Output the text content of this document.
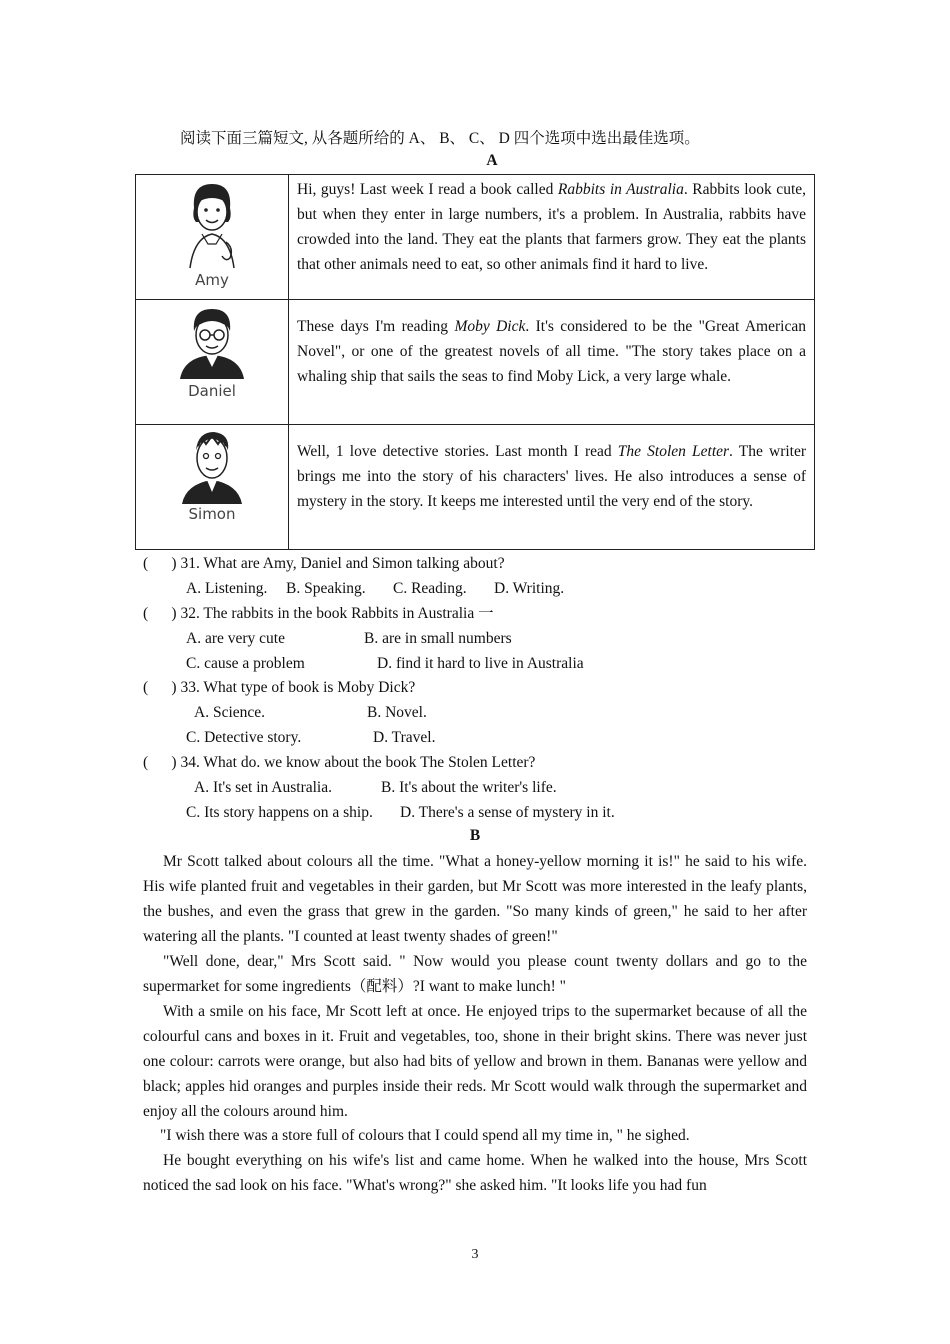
阅读下面三篇短文, 从各题所给的 A、 B、 C、 D 四个选项中选出最佳选项。
A
Amy	Hi, guys! Last week I read a book called Rabbits in Australia. Rabbits look cute, but when they enter in large numbers, it's a problem. In Australia, rabbits have crowded into the land. They eat the plants that farmers grow. They eat the plants that other animals need to eat, so other animals find it hard to live.

Daniel	These days I'm reading Moby Dick. It's considered to be the "Great American Novel", or one of the greatest novels of all time. "The story takes place on a whaling ship that sails the seas to find Moby Lick, a very large whale.

Simon	Well, 1 love detective stories. Last month I read The Stolen Letter. The writer brings me into the story of his characters' lives. He also introduces a sense of mystery in the story. It keeps me interested until the very end of the story.
(      ) 31. What are Amy, Daniel and Simon talking about?
A. Listening. B. Speaking. C. Reading. D. Writing.
(      ) 32. The rabbits in the book Rabbits in Australia 一
A. are very cute	B. are in small numbers
C. cause a problem	D. find it hard to live in Australia
(      ) 33. What type of book is Moby Dick?
A. Science.	B. Novel.
C. Detective story.	D. Travel.
(      ) 34. What do. we know about the book The Stolen Letter?
A. It's set in Australia.	B. It's about the writer's life.
C. Its story happens on a ship. D. There's a sense of mystery in it.
B
Mr Scott talked about colours all the time. "What a honey-yellow morning it is!" he said to his wife. His wife planted fruit and vegetables in their garden, but Mr Scott was more interested in the leafy plants, the bushes, and even the grass that grew in the garden. "So many kinds of green," he said to her after watering all the plants. "I counted at least twenty shades of green!"
"Well done, dear," Mrs Scott said. " Now would you please count twenty dollars and go to the supermarket for some ingredients（配料）?I want to make lunch! "
With a smile on his face, Mr Scott left at once. He enjoyed trips to the supermarket because of all the colourful cans and boxes in it. Fruit and vegetables, too, shone in their bright skins. There was never just one colour: carrots were orange, but also had bits of yellow and brown in them. Bananas were yellow and black; apples hid oranges and purples inside their reds. Mr Scott would walk through the supermarket and enjoy all the colours around him.
"I wish there was a store full of colours that I could spend all my time in, " he sighed.
He bought everything on his wife's list and came home. When he walked into the house, Mrs Scott noticed the sad look on his face. "What's wrong?" she asked him. "It looks life you had fun
3
